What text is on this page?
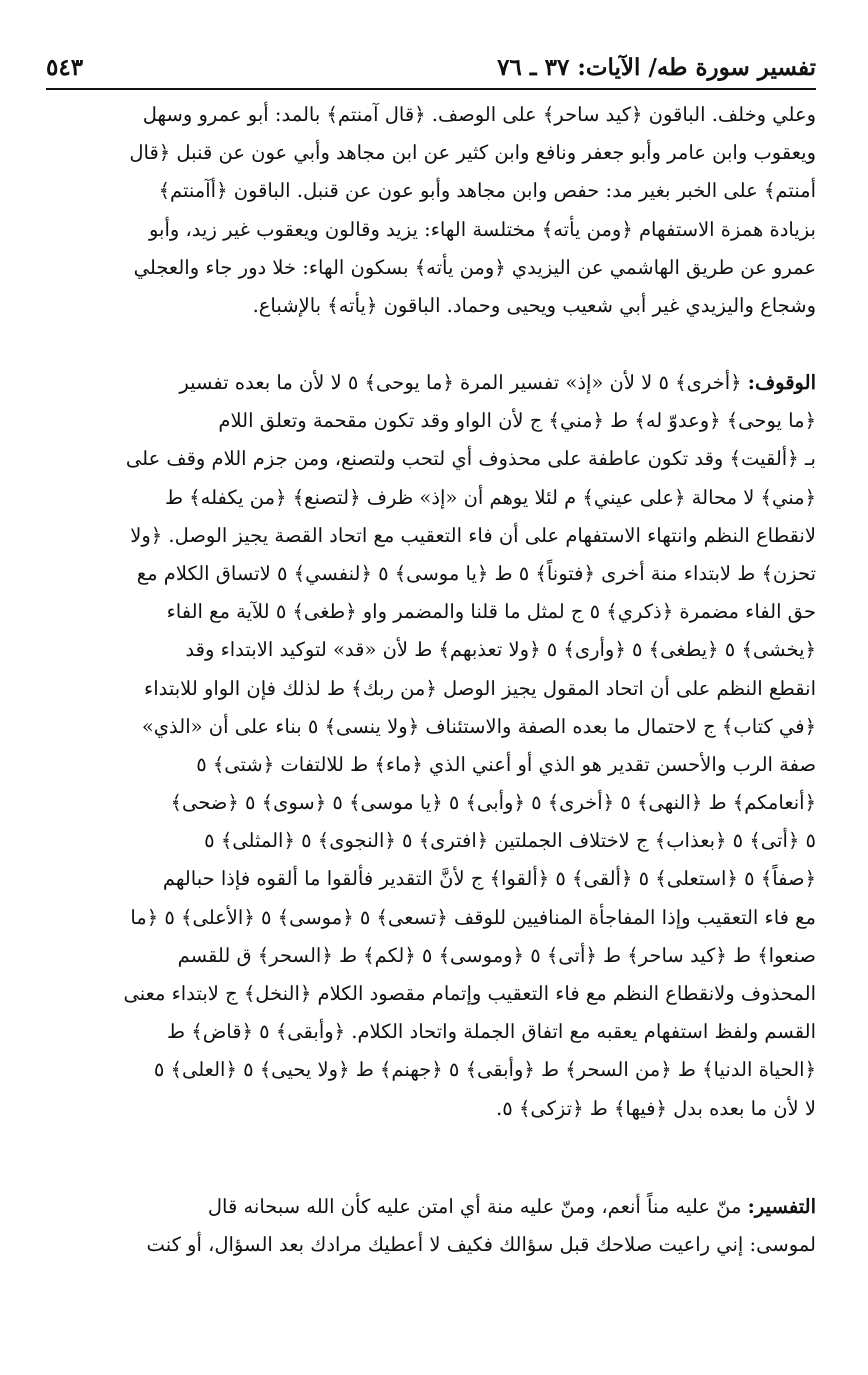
تفسير سورة طه/ الآيات: ٣٧ ـ ٧٦
٥٤٣
وعلي وخلف. الباقون ﴿كيد ساحر﴾ على الوصف. ﴿قال آمنتم﴾ بالمد: أبو عمرو وسهل
ويعقوب وابن عامر وأبو جعفر ونافع وابن كثير عن ابن مجاهد وأبي عون عن قنبل ﴿قال
أمنتم﴾ على الخبر بغير مد: حفص وابن مجاهد وأبو عون عن قنبل. الباقون ﴿أآمنتم﴾
بزيادة همزة الاستفهام ﴿ومن يأته﴾ مختلسة الهاء: يزيد وقالون ويعقوب غير زيد، وأبو
عمرو عن طريق الهاشمي عن اليزيدي ﴿ومن يأته﴾ بسكون الهاء: خلا دور جاء والعجلي
وشجاع واليزيدي غير أبي شعيب ويحيى وحماد. الباقون ﴿يأته﴾ بالإشباع.
الوقوف: ﴿أخرى﴾ ٥ لا لأن «إذ» تفسير المرة ﴿ما يوحى﴾ ٥ لا لأن ما بعده تفسير
﴿ما يوحى﴾ ﴿وعدوّ له﴾ ط ﴿مني﴾ ج لأن الواو وقد تكون مقحمة وتعلق اللام
بـ ﴿ألقيت﴾ وقد تكون عاطفة على محذوف أي لتحب ولتصنع، ومن جزم اللام وقف على
﴿مني﴾ لا محالة ﴿على عيني﴾ م لئلا يوهم أن «إذ» ظرف ﴿لتصنع﴾ ﴿من يكفله﴾ ط
لانقطاع النظم وانتهاء الاستفهام على أن فاء التعقيب مع اتحاد القصة يجيز الوصل. ﴿ولا
تحزن﴾ ط لابتداء منة أخرى ﴿فتوناً﴾ ٥ ط ﴿يا موسى﴾ ٥ ﴿لنفسي﴾ ٥ لاتساق الكلام مع
حق الفاء مضمرة ﴿ذكري﴾ ٥ ج لمثل ما قلنا والمضمر واو ﴿طغى﴾ ٥ للآية مع الفاء
﴿يخشى﴾ ٥ ﴿يطغى﴾ ٥ ﴿وأرى﴾ ٥ ﴿ولا تعذبهم﴾ ط لأن «قد» لتوكيد الابتداء وقد
انقطع النظم على أن اتحاد المقول يجيز الوصل ﴿من ربك﴾ ط لذلك فإن الواو للابتداء
﴿في كتاب﴾ ج لاحتمال ما بعده الصفة والاستئناف ﴿ولا ينسى﴾ ٥ بناء على أن «الذي»
صفة الرب والأحسن تقدير هو الذي أو أعني الذي ﴿ماء﴾ ط للالتفات ﴿شتى﴾ ٥
﴿أنعامكم﴾ ط ﴿النهى﴾ ٥ ﴿أخرى﴾ ٥ ﴿وأبى﴾ ٥ ﴿يا موسى﴾ ٥ ﴿سوى﴾ ٥ ﴿ضحى﴾
٥ ﴿أتى﴾ ٥ ﴿بعذاب﴾ ج لاختلاف الجملتين ﴿افترى﴾ ٥ ﴿النجوى﴾ ٥ ﴿المثلى﴾ ٥
﴿صفاً﴾ ٥ ﴿استعلى﴾ ٥ ﴿ألقى﴾ ٥ ﴿ألقوا﴾ ج لأنَّ التقدير فألقوا ما ألقوه فإذا حبالهم
مع فاء التعقيب وإذا المفاجأة المنافيين للوقف ﴿تسعى﴾ ٥ ﴿موسى﴾ ٥ ﴿الأعلى﴾ ٥ ﴿ما
صنعوا﴾ ط ﴿كيد ساحر﴾ ط ﴿أتى﴾ ٥ ﴿وموسى﴾ ٥ ﴿لكم﴾ ط ﴿السحر﴾ ق للقسم
المحذوف ولانقطاع النظم مع فاء التعقيب وإتمام مقصود الكلام ﴿النخل﴾ ج لابتداء معنى
القسم ولفظ استفهام يعقبه مع اتفاق الجملة واتحاد الكلام. ﴿وأبقى﴾ ٥ ﴿قاض﴾ ط
﴿الحياة الدنيا﴾ ط ﴿من السحر﴾ ط ﴿وأبقى﴾ ٥ ﴿جهنم﴾ ط ﴿ولا يحيى﴾ ٥ ﴿العلى﴾ ٥
لا لأن ما بعده بدل ﴿فيها﴾ ط ﴿تزكى﴾ ٥.
التفسير: منّ عليه مناً أنعم، ومنّ عليه منة أي امتن عليه كأن الله سبحانه قال
لموسى: إني راعيت صلاحك قبل سؤالك فكيف لا أعطيك مرادك بعد السؤال، أو كنت
